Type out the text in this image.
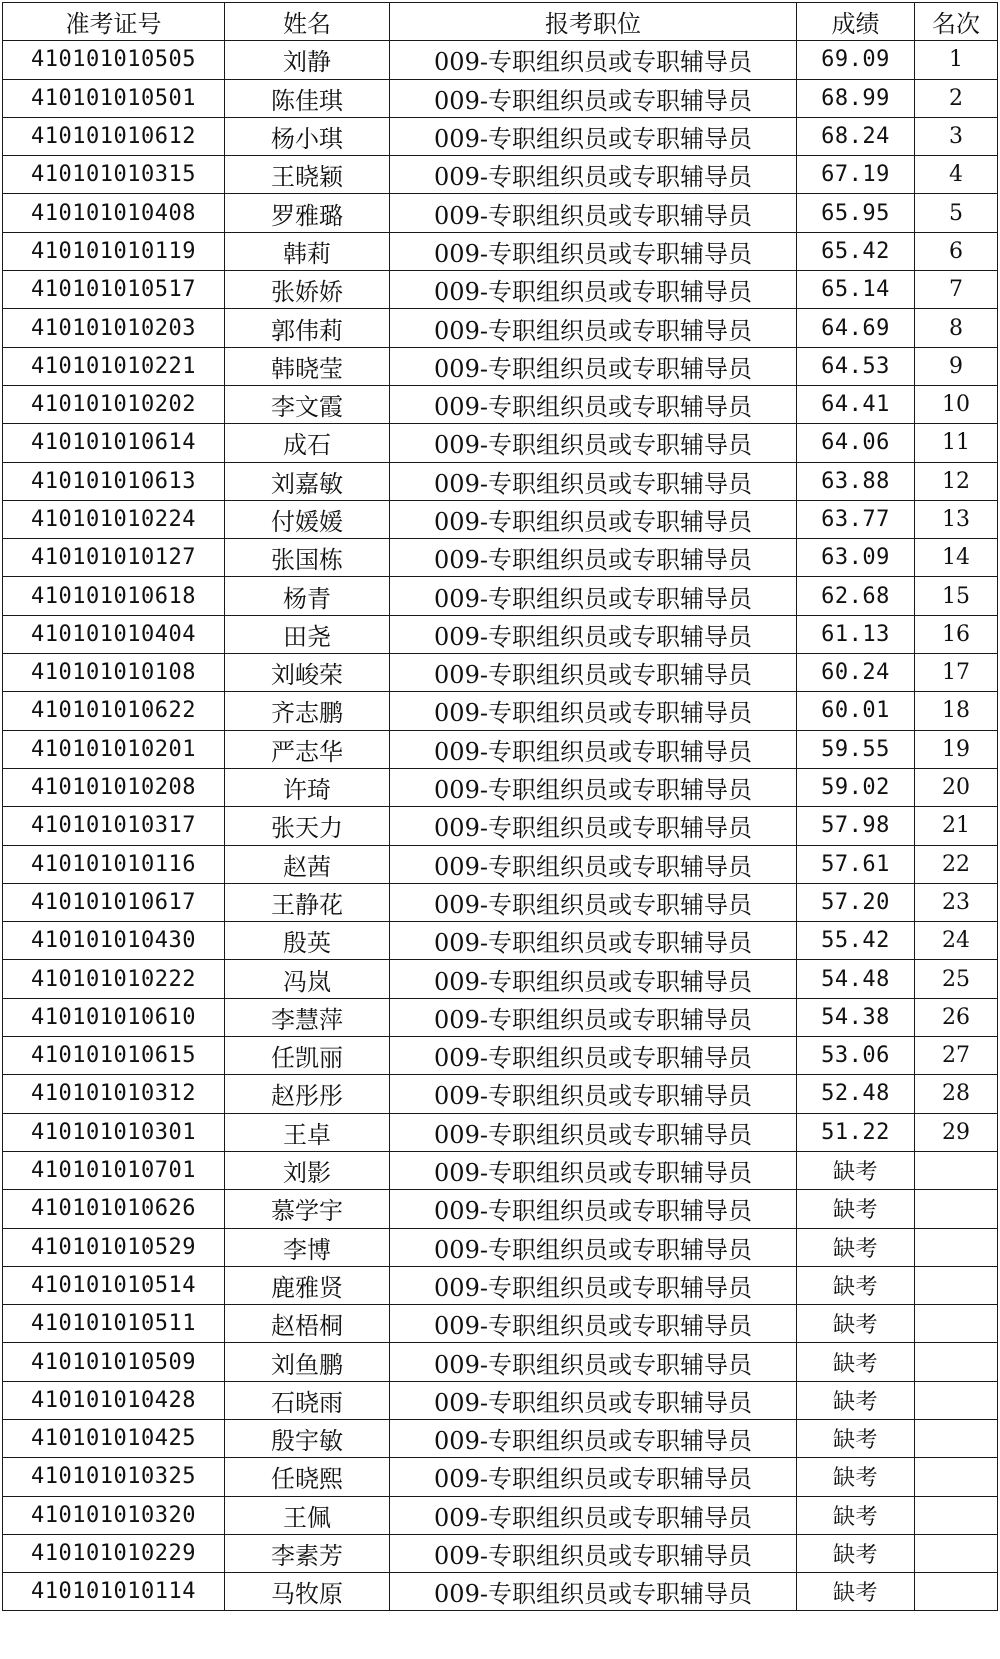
准考证号	姓名	报考职位	成绩	名次
410101010505	刘静	009-专职组织员或专职辅导员	69.09	1
410101010501	陈佳琪	009-专职组织员或专职辅导员	68.99	2
410101010612	杨小琪	009-专职组织员或专职辅导员	68.24	3
410101010315	王晓颖	009-专职组织员或专职辅导员	67.19	4
410101010408	罗雅璐	009-专职组织员或专职辅导员	65.95	5
410101010119	韩莉	009-专职组织员或专职辅导员	65.42	6
410101010517	张娇娇	009-专职组织员或专职辅导员	65.14	7
410101010203	郭伟莉	009-专职组织员或专职辅导员	64.69	8
410101010221	韩晓莹	009-专职组织员或专职辅导员	64.53	9
410101010202	李文霞	009-专职组织员或专职辅导员	64.41	10
410101010614	成石	009-专职组织员或专职辅导员	64.06	11
410101010613	刘嘉敏	009-专职组织员或专职辅导员	63.88	12
410101010224	付媛媛	009-专职组织员或专职辅导员	63.77	13
410101010127	张国栋	009-专职组织员或专职辅导员	63.09	14
410101010618	杨青	009-专职组织员或专职辅导员	62.68	15
410101010404	田尧	009-专职组织员或专职辅导员	61.13	16
410101010108	刘峻荣	009-专职组织员或专职辅导员	60.24	17
410101010622	齐志鹏	009-专职组织员或专职辅导员	60.01	18
410101010201	严志华	009-专职组织员或专职辅导员	59.55	19
410101010208	许琦	009-专职组织员或专职辅导员	59.02	20
410101010317	张天力	009-专职组织员或专职辅导员	57.98	21
410101010116	赵茜	009-专职组织员或专职辅导员	57.61	22
410101010617	王静花	009-专职组织员或专职辅导员	57.20	23
410101010430	殷英	009-专职组织员或专职辅导员	55.42	24
410101010222	冯岚	009-专职组织员或专职辅导员	54.48	25
410101010610	李慧萍	009-专职组织员或专职辅导员	54.38	26
410101010615	任凯丽	009-专职组织员或专职辅导员	53.06	27
410101010312	赵彤彤	009-专职组织员或专职辅导员	52.48	28
410101010301	王卓	009-专职组织员或专职辅导员	51.22	29
410101010701	刘影	009-专职组织员或专职辅导员	缺考	
410101010626	慕学宇	009-专职组织员或专职辅导员	缺考	
410101010529	李博	009-专职组织员或专职辅导员	缺考	
410101010514	鹿雅贤	009-专职组织员或专职辅导员	缺考	
410101010511	赵梧桐	009-专职组织员或专职辅导员	缺考	
410101010509	刘鱼鹏	009-专职组织员或专职辅导员	缺考	
410101010428	石晓雨	009-专职组织员或专职辅导员	缺考	
410101010425	殷宇敏	009-专职组织员或专职辅导员	缺考	
410101010325	任晓熙	009-专职组织员或专职辅导员	缺考	
410101010320	王佩	009-专职组织员或专职辅导员	缺考	
410101010229	李素芳	009-专职组织员或专职辅导员	缺考	
410101010114	马牧原	009-专职组织员或专职辅导员	缺考	
